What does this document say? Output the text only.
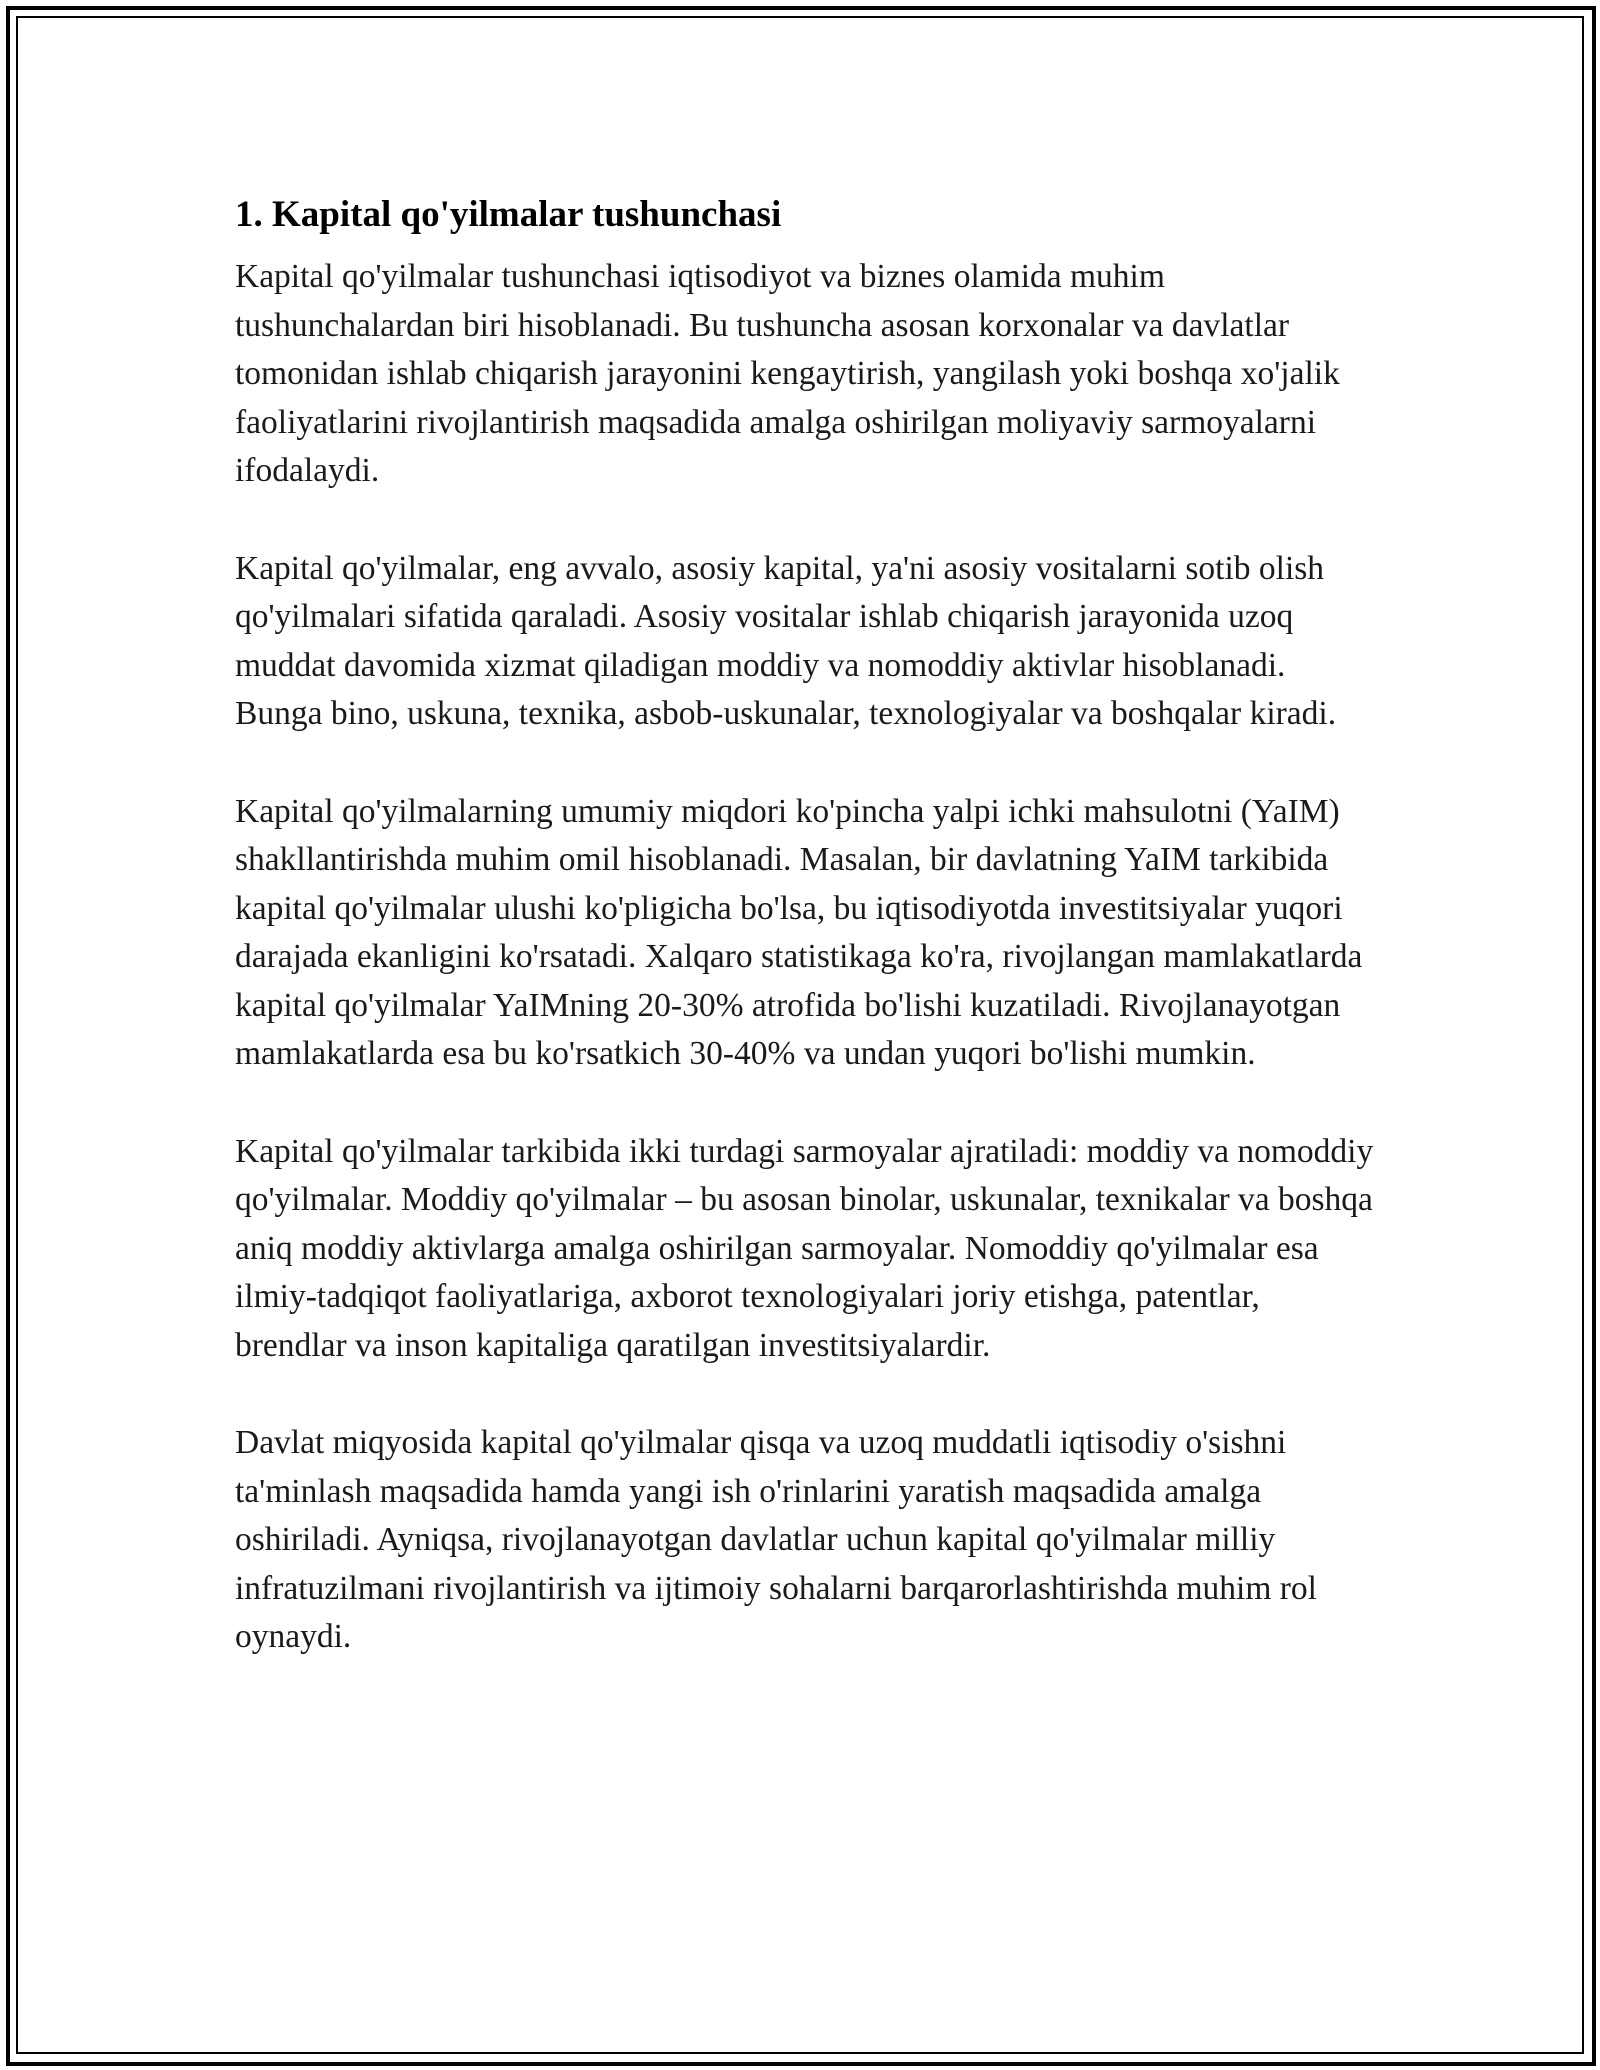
1. Kapital qo'yilmalar tushunchasi

Kapital qo'yilmalar tushunchasi iqtisodiyot va biznes olamida muhim tushunchalardan biri hisoblanadi. Bu tushuncha asosan korxonalar va davlatlar tomonidan ishlab chiqarish jarayonini kengaytirish, yangilash yoki boshqa xo'jalik faoliyatlarini rivojlantirish maqsadida amalga oshirilgan moliyaviy sarmoyalarni ifodalaydi.

Kapital qo'yilmalar, eng avvalo, asosiy kapital, ya'ni asosiy vositalarni sotib olish qo'yilmalari sifatida qaraladi. Asosiy vositalar ishlab chiqarish jarayonida uzoq muddat davomida xizmat qiladigan moddiy va nomoddiy aktivlar hisoblanadi. Bunga bino, uskuna, texnika, asbob-uskunalar, texnologiyalar va boshqalar kiradi.

Kapital qo'yilmalarning umumiy miqdori ko'pincha yalpi ichki mahsulotni (YaIM) shakllantirishda muhim omil hisoblanadi. Masalan, bir davlatning YaIM tarkibida kapital qo'yilmalar ulushi ko'pligicha bo'lsa, bu iqtisodiyotda investitsiyalar yuqori darajada ekanligini ko'rsatadi. Xalqaro statistikaga ko'ra, rivojlangan mamlakatlarda kapital qo'yilmalar YaIMning 20-30% atrofida bo'lishi kuzatiladi. Rivojlanayotgan mamlakatlarda esa bu ko'rsatkich 30-40% va undan yuqori bo'lishi mumkin.

Kapital qo'yilmalar tarkibida ikki turdagi sarmoyalar ajratiladi: moddiy va nomoddiy qo'yilmalar. Moddiy qo'yilmalar – bu asosan binolar, uskunalar, texnikalar va boshqa aniq moddiy aktivlarga amalga oshirilgan sarmoyalar. Nomoddiy qo'yilmalar esa ilmiy-tadqiqot faoliyatlariga, axborot texnologiyalari joriy etishga, patentlar, brendlar va inson kapitaliga qaratilgan investitsiyalardir.

Davlat miqyosida kapital qo'yilmalar qisqa va uzoq muddatli iqtisodiy o'sishni ta'minlash maqsadida hamda yangi ish o'rinlarini yaratish maqsadida amalga oshiriladi. Ayniqsa, rivojlanayotgan davlatlar uchun kapital qo'yilmalar milliy infratuzilmani rivojlantirish va ijtimoiy sohalarni barqarorlashtirishda muhim rol oynaydi.
